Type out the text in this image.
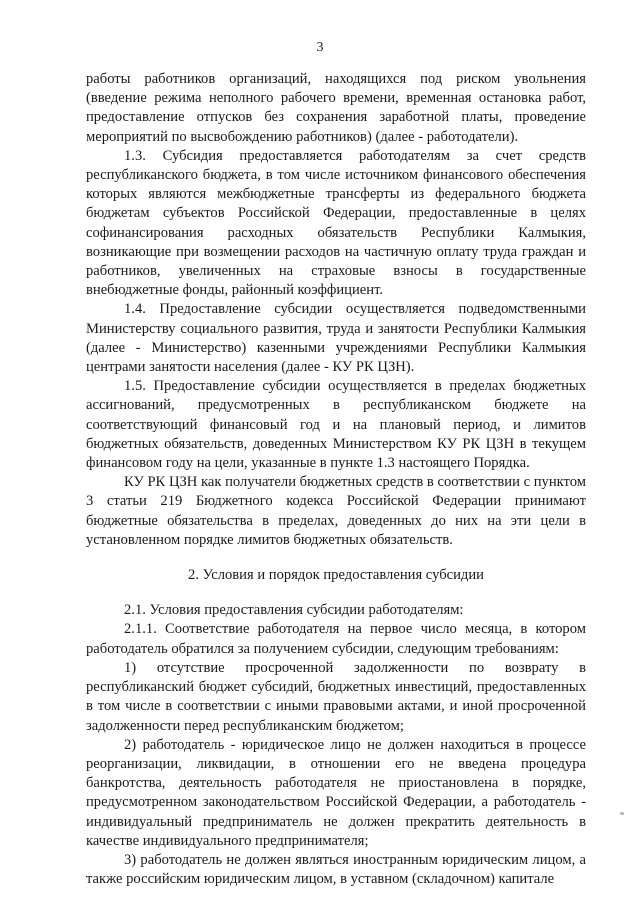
3

работы работников организаций, находящихся под риском увольнения (введение режима неполного рабочего времени, временная остановка работ, предоставление отпусков без сохранения заработной платы, проведение мероприятий по высвобождению работников) (далее - работодатели).

1.3. Субсидия предоставляется работодателям за счет средств республиканского бюджета, в том числе источником финансового обеспечения которых являются межбюджетные трансферты из федерального бюджета бюджетам субъектов Российской Федерации, предоставленные в целях софинансирования расходных обязательств Республики Калмыкия, возникающие при возмещении расходов на частичную оплату труда граждан и работников, увеличенных на страховые взносы в государственные внебюджетные фонды, районный коэффициент.

1.4. Предоставление субсидии осуществляется подведомственными Министерству социального развития, труда и занятости Республики Калмыкия (далее - Министерство) казенными учреждениями Республики Калмыкия центрами занятости населения (далее - КУ РК ЦЗН).

1.5. Предоставление субсидии осуществляется в пределах бюджетных ассигнований, предусмотренных в республиканском бюджете на соответствующий финансовый год и на плановый период, и лимитов бюджетных обязательств, доведенных Министерством КУ РК ЦЗН в текущем финансовом году на цели, указанные в пункте 1.3 настоящего Порядка.

КУ РК ЦЗН как получатели бюджетных средств в соответствии с пунктом 3 статьи 219 Бюджетного кодекса Российской Федерации принимают бюджетные обязательства в пределах, доведенных до них на эти цели в установленном порядке лимитов бюджетных обязательств.

2. Условия и порядок предоставления субсидии

2.1. Условия предоставления субсидии работодателям:

2.1.1. Соответствие работодателя на первое число месяца, в котором работодатель обратился за получением субсидии, следующим требованиям:

1) отсутствие просроченной задолженности по возврату в республиканский бюджет субсидий, бюджетных инвестиций, предоставленных в том числе в соответствии с иными правовыми актами, и иной просроченной задолженности перед республиканским бюджетом;

2) работодатель - юридическое лицо не должен находиться в процессе реорганизации, ликвидации, в отношении его не введена процедура банкротства, деятельность работодателя не приостановлена в порядке, предусмотренном законодательством Российской Федерации, а работодатель - индивидуальный предприниматель не должен прекратить деятельность в качестве индивидуального предпринимателя;

3) работодатель не должен являться иностранным юридическим лицом, а также российским юридическим лицом, в уставном (складочном) капитале
